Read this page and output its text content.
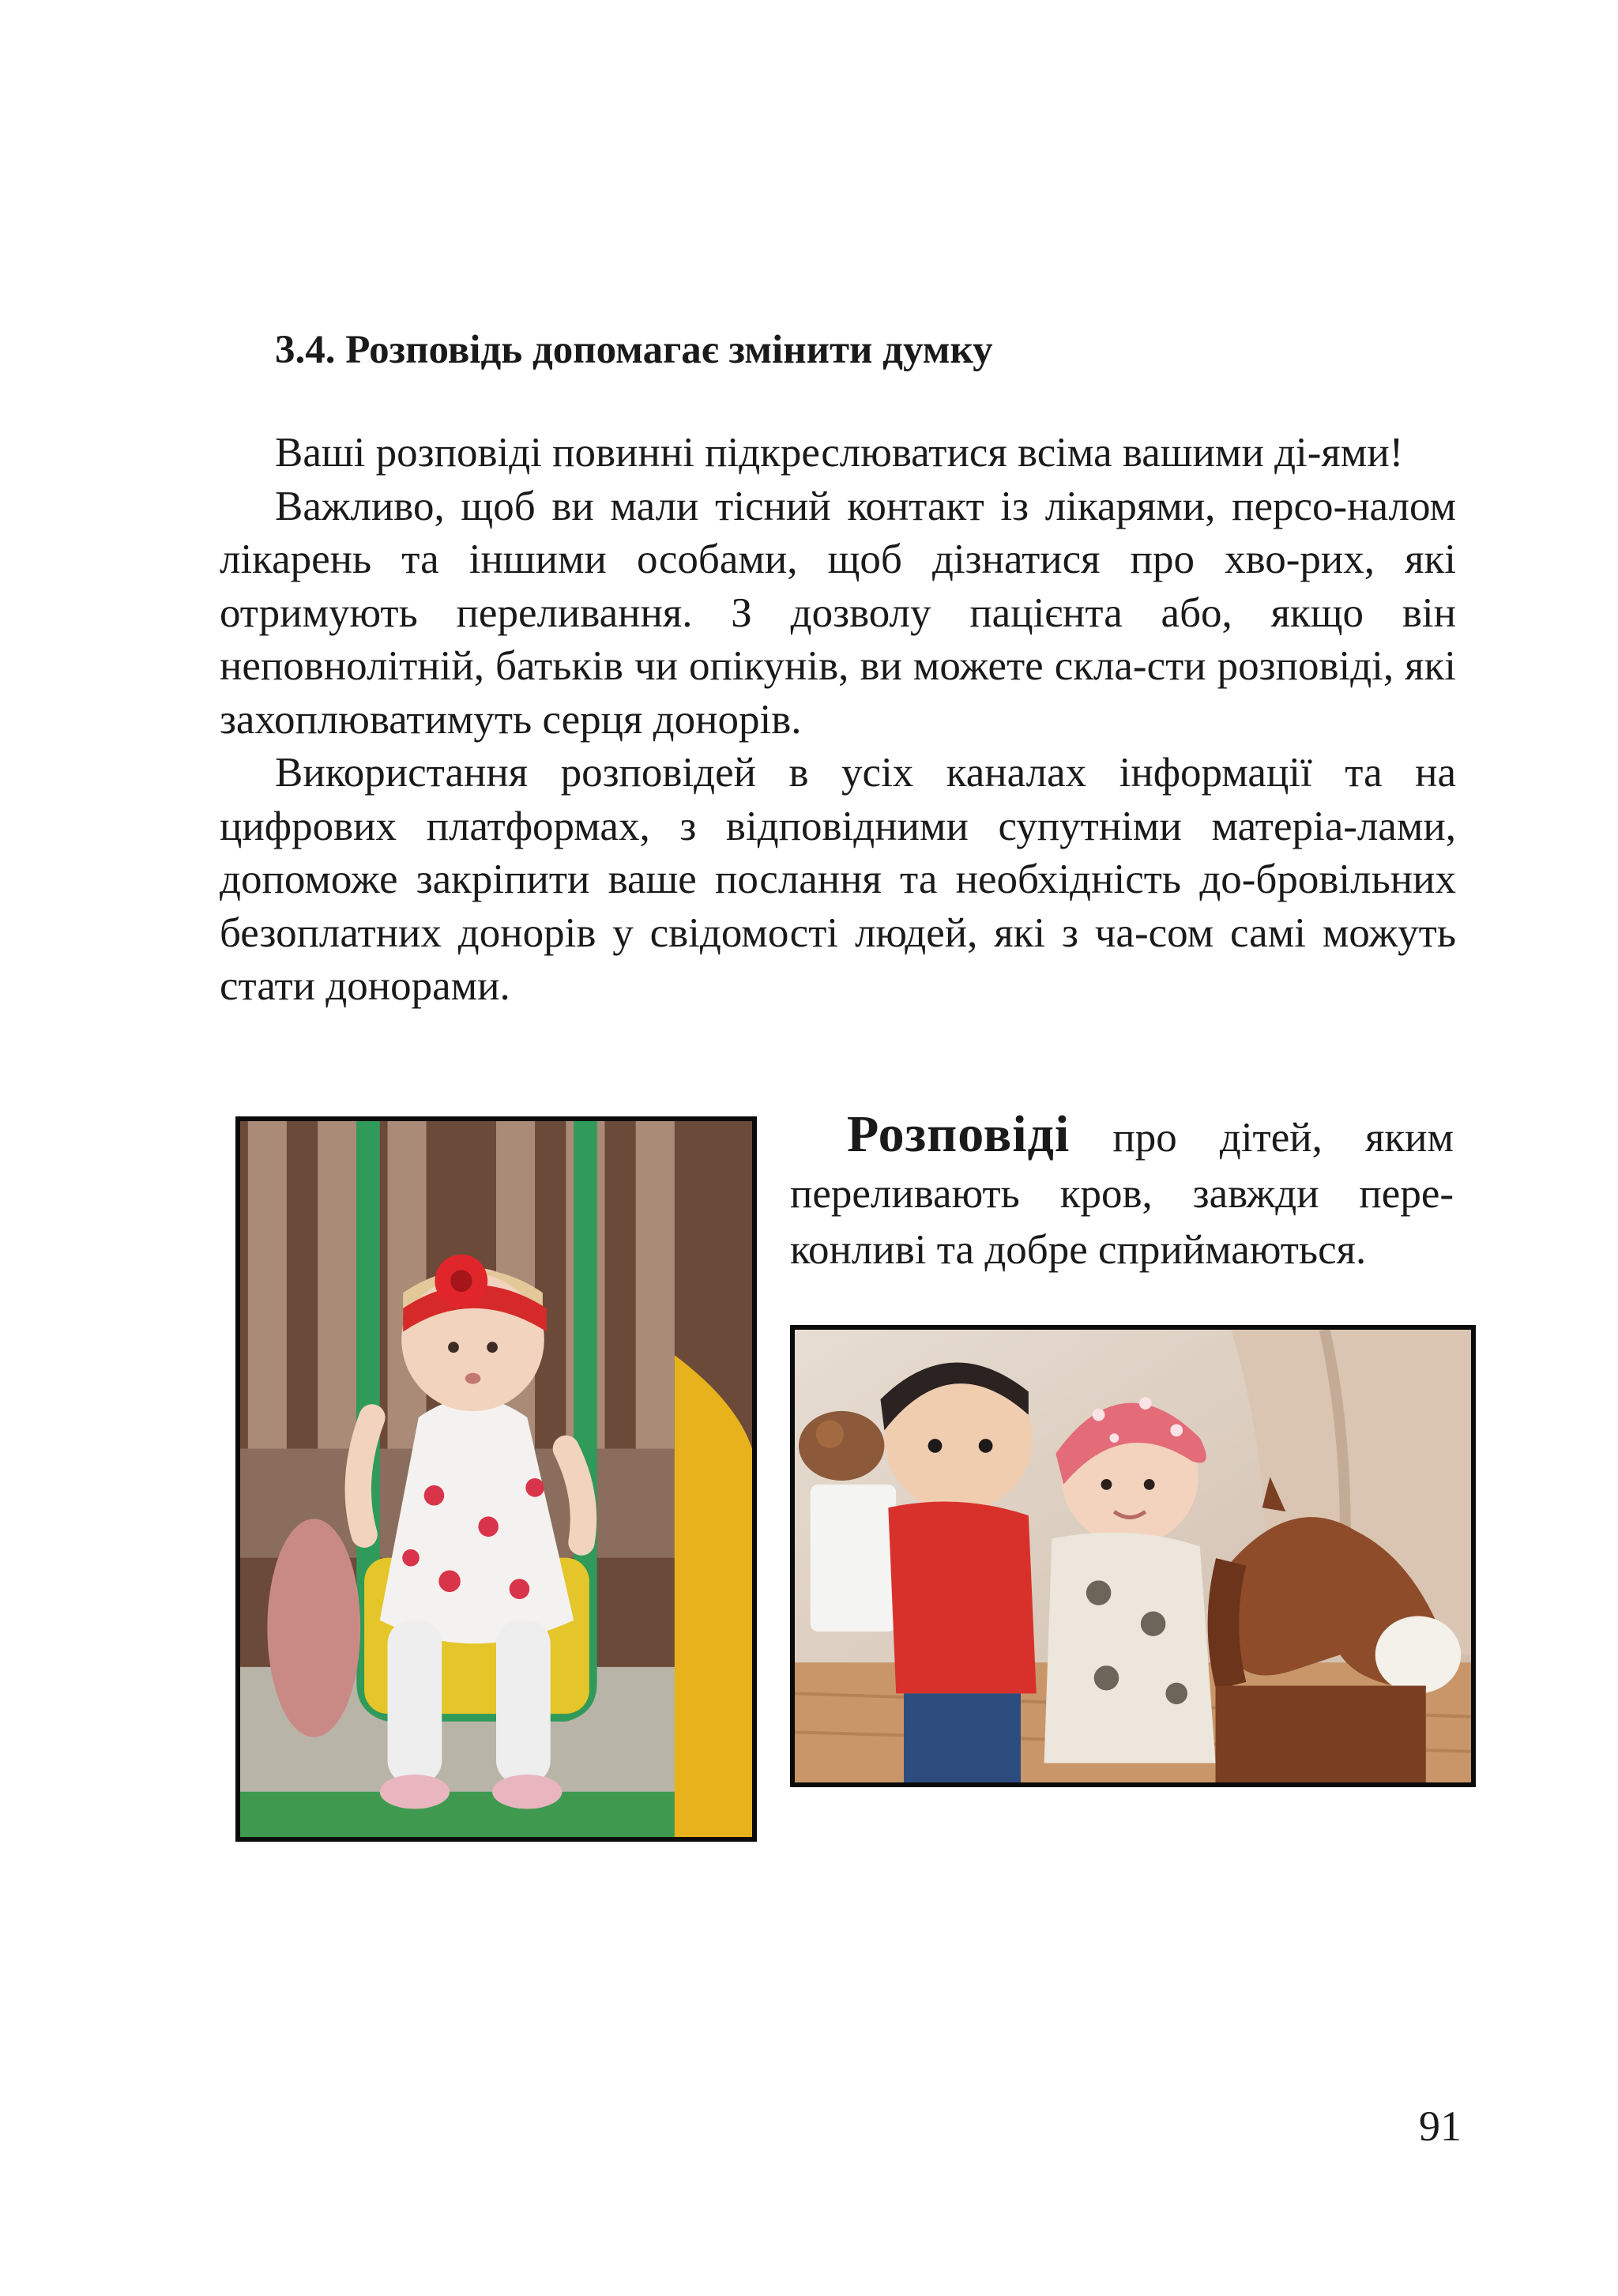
3.4. Розповідь допомагає змінити думку

Ваші розповіді повинні підкреслюватися всіма вашими ді-ями!

Важливо, щоб ви мали тісний контакт із лікарями, персо-налом лікарень та іншими особами, щоб дізнатися про хво-рих, які отримують переливання. З дозволу пацієнта або, якщо він неповнолітній, батьків чи опікунів, ви можете скла-сти розповіді, які захоплюватимуть серця донорів.

Використання розповідей в усіх каналах інформації та на цифрових платформах, з відповідними супутніми матеріа-лами, допоможе закріпити ваше послання та необхідність до-бровільних безоплатних донорів у свідомості людей, які з ча-сом самі можуть стати донорами.

Розповіді про дітей, яким переливають кров, завжди пере-конливі та добре сприймаються.

91
